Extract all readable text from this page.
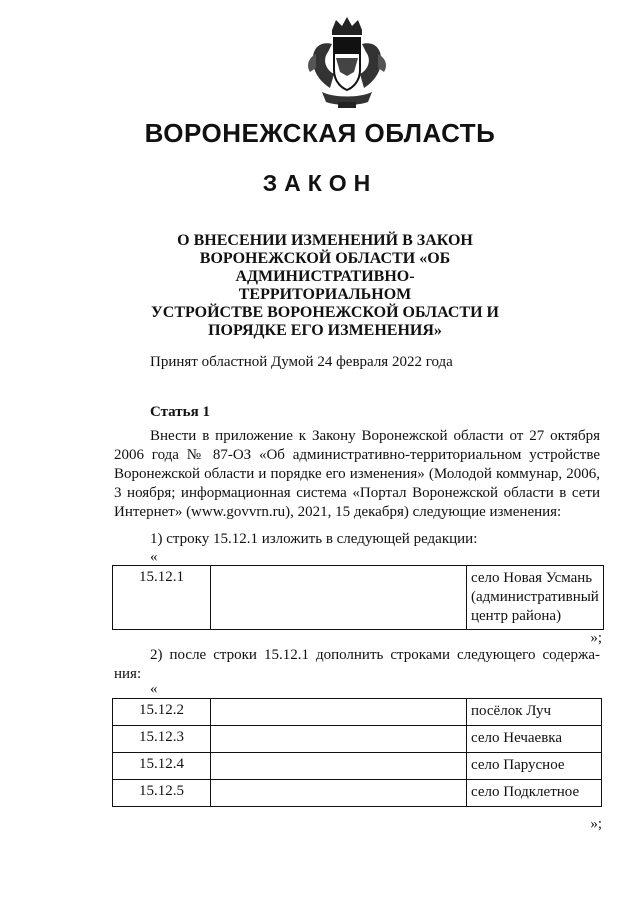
ВОРОНЕЖСКАЯ ОБЛАСТЬ
ЗАКОН
О ВНЕСЕНИИ ИЗМЕНЕНИЙ В ЗАКОН
ВОРОНЕЖСКОЙ ОБЛАСТИ «ОБ
АДМИНИСТРАТИВНО-ТЕРРИТОРИАЛЬНОМ
УСТРОЙСТВЕ ВОРОНЕЖСКОЙ ОБЛАСТИ И
ПОРЯДКЕ ЕГО ИЗМЕНЕНИЯ»
Принят областной Думой 24 февраля 2022 года
Статья 1
Внести в приложение к Закону Воронежской области от 27 октября 2006 года № 87-ОЗ «Об административно-территориальном устройстве Воронежской области и порядке его изменения» (Молодой коммунар, 2006, 3 ноября; информационная система «Портал Воронежской области в сети Интернет» (www.govvrn.ru), 2021, 15 декабря) следующие изменения:
1) строку 15.12.1 изложить в следующей редакции:
«
15.12.1		село Новая Усмань
(административный
центр района)
»;
2) после строки 15.12.1 дополнить строками следующего содержа-ния:
«
15.12.2		посёлок Луч
15.12.3		село Нечаевка
15.12.4		село Парусное
15.12.5		село Подклетное
»;
